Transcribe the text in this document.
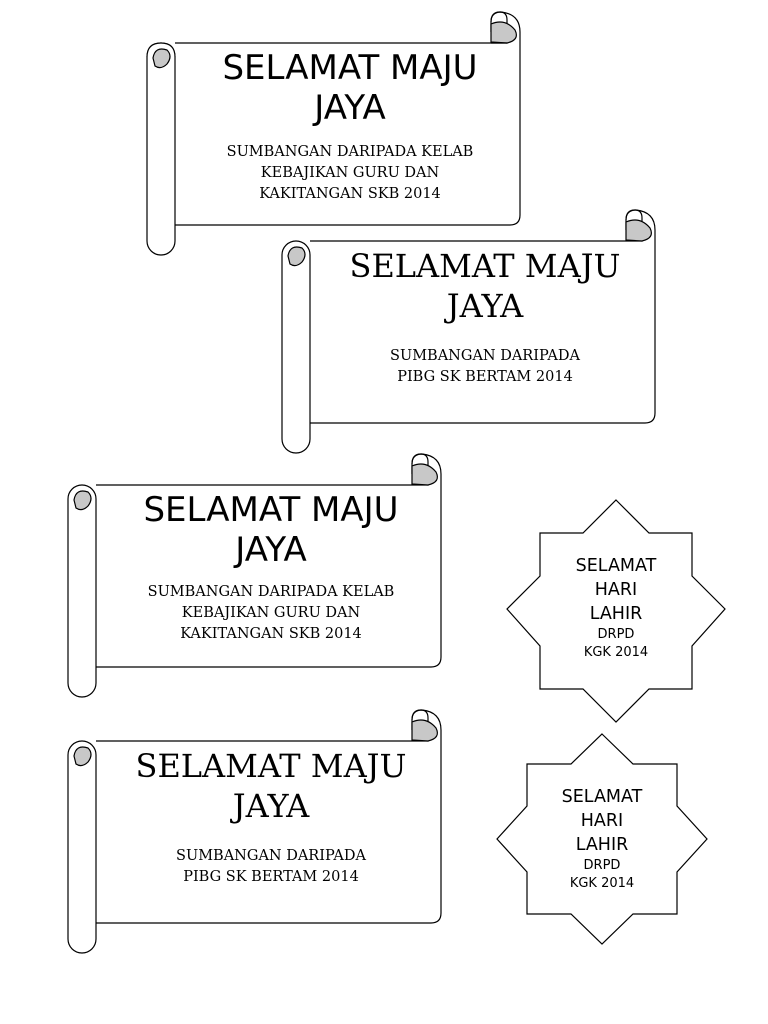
SELAMAT MAJU
JAYA
SUMBANGAN DARIPADA KELAB
KEBAJIKAN GURU DAN
KAKITANGAN SKB 2014
SELAMAT MAJU
JAYA
SUMBANGAN DARIPADA
PIBG SK BERTAM 2014
SELAMAT MAJU
JAYA
SUMBANGAN DARIPADA KELAB
KEBAJIKAN GURU DAN
KAKITANGAN SKB 2014
SELAMAT MAJU
JAYA
SUMBANGAN DARIPADA
PIBG SK BERTAM 2014
SELAMAT
HARI
LAHIR
DRPD
KGK 2014
SELAMAT
HARI
LAHIR
DRPD
KGK 2014
